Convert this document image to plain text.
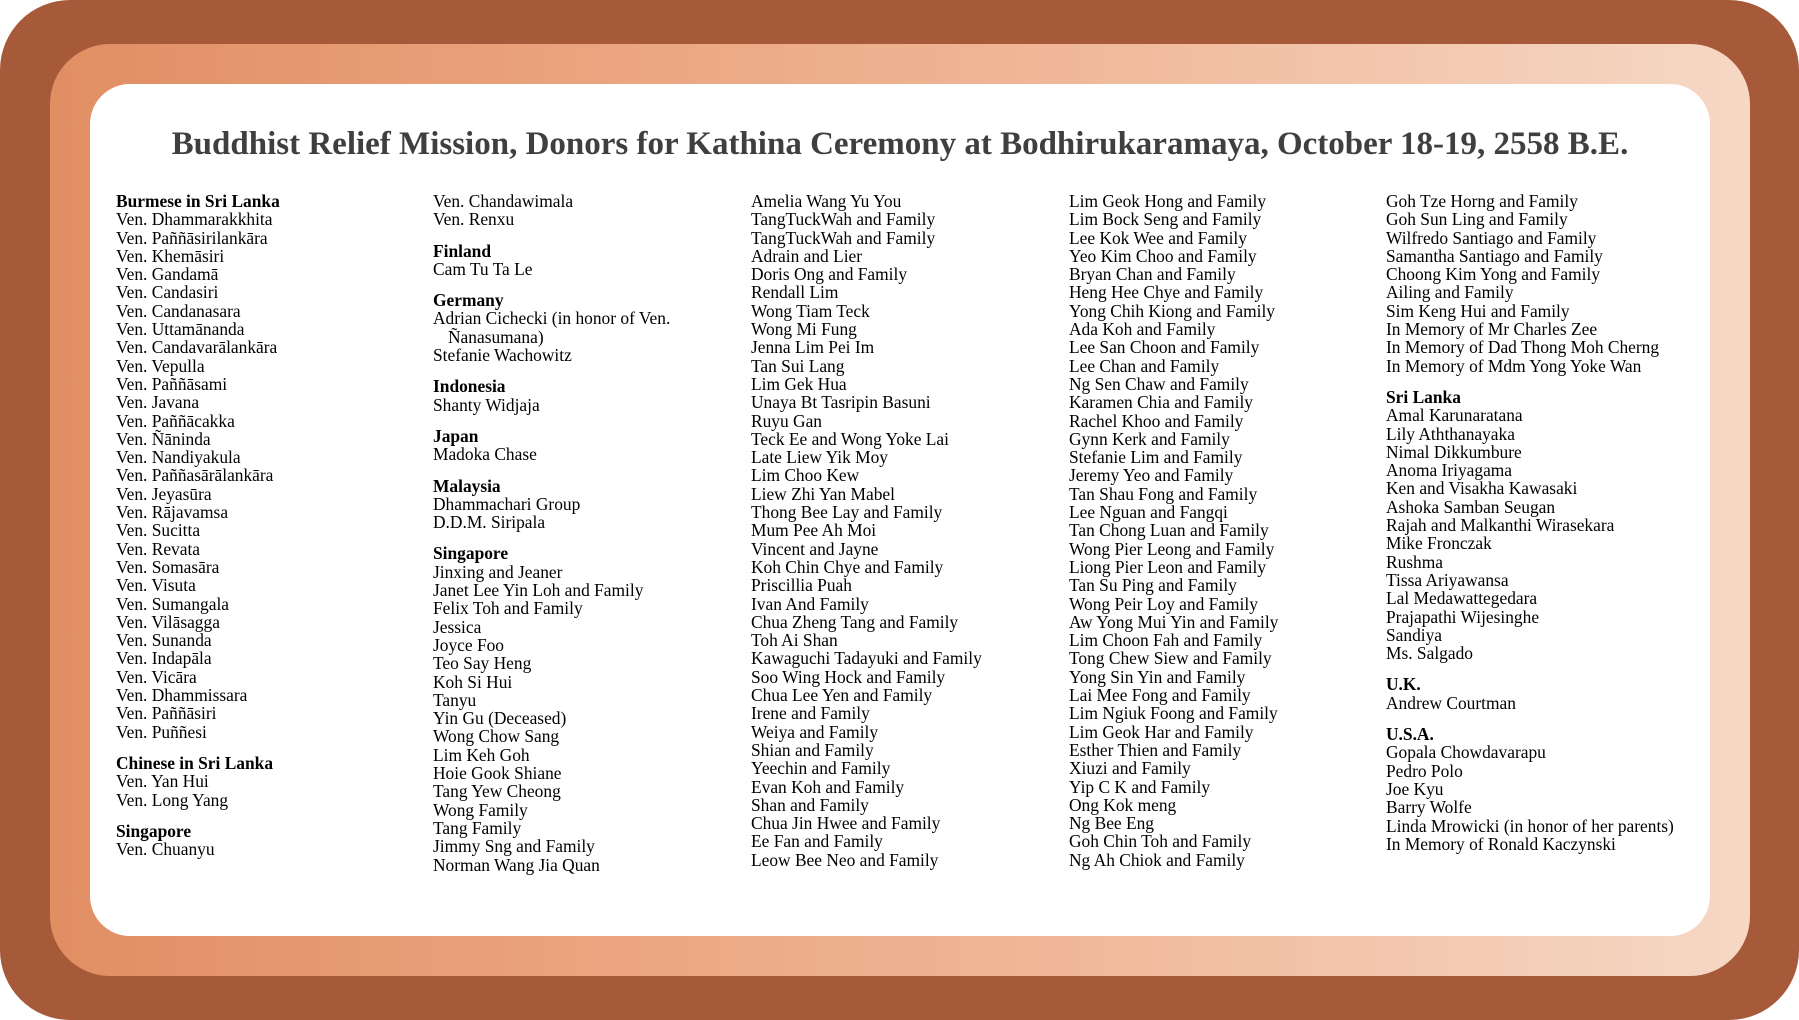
Buddhist Relief Mission, Donors for Kathina Ceremony at Bodhirukaramaya, October 18-19, 2558 B.E.
Burmese in Sri Lanka
Ven. Dhammarakkhita
Ven. Paññāsirilankāra
Ven. Khemāsiri
Ven. Gandamā
Ven. Candasiri
Ven. Candanasara
Ven. Uttamānanda
Ven. Candavarālankāra
Ven. Vepulla
Ven. Paññāsami
Ven. Javana
Ven. Paññācakka
Ven. Ñāninda
Ven. Nandiyakula
Ven. Paññasārālankāra
Ven. Jeyasūra
Ven. Rājavamsa
Ven. Sucitta
Ven. Revata
Ven. Somasāra
Ven. Visuta
Ven. Sumangala
Ven. Vilāsagga
Ven. Sunanda
Ven. Indapāla
Ven. Vicāra
Ven. Dhammissara
Ven. Paññāsiri
Ven. Puññesi
Chinese in Sri Lanka
Ven. Yan Hui
Ven. Long Yang
Singapore
Ven. Chuanyu
Ven. Chandawimala
Ven. Renxu
Finland
Cam Tu Ta Le
Germany
Adrian Cichecki (in honor of Ven.
Ñanasumana)
Stefanie Wachowitz
Indonesia
Shanty Widjaja
Japan
Madoka Chase
Malaysia
Dhammachari Group
D.D.M. Siripala
Singapore
Jinxing and Jeaner
Janet Lee Yin Loh and Family
Felix Toh and Family
Jessica
Joyce Foo
Teo Say Heng
Koh Si Hui
Tanyu
Yin Gu (Deceased)
Wong Chow Sang
Lim Keh Goh
Hoie Gook Shiane
Tang Yew Cheong
Wong Family
Tang Family
Jimmy Sng and Family
Norman Wang Jia Quan
Amelia Wang Yu You
TangTuckWah and Family
TangTuckWah and Family
Adrain and Lier
Doris Ong and Family
Rendall Lim
Wong Tiam Teck
Wong Mi Fung
Jenna Lim Pei Im
Tan Sui Lang
Lim Gek Hua
Unaya Bt Tasripin Basuni
Ruyu Gan
Teck Ee and Wong Yoke Lai
Late Liew Yik Moy
Lim Choo Kew
Liew Zhi Yan Mabel
Thong Bee Lay and Family
Mum Pee Ah Moi
Vincent and Jayne
Koh Chin Chye and Family
Priscillia Puah
Ivan And Family
Chua Zheng Tang and Family
Toh Ai Shan
Kawaguchi Tadayuki and Family
Soo Wing Hock and Family
Chua Lee Yen and Family
Irene and Family
Weiya and Family
Shian and Family
Yeechin and Family
Evan Koh and Family
Shan and Family
Chua Jin Hwee and Family
Ee Fan and Family
Leow Bee Neo and Family
Lim Geok Hong and Family
Lim Bock Seng and Family
Lee Kok Wee and Family
Yeo Kim Choo and Family
Bryan Chan and Family
Heng Hee Chye and Family
Yong Chih Kiong and Family
Ada Koh and Family
Lee San Choon and Family
Lee Chan and Family
Ng Sen Chaw and Family
Karamen Chia and Family
Rachel Khoo and Family
Gynn Kerk and Family
Stefanie Lim and Family
Jeremy Yeo and Family
Tan Shau Fong and Family
Lee Nguan and Fangqi
Tan Chong Luan and Family
Wong Pier Leong and Family
Liong Pier Leon and Family
Tan Su Ping and Family
Wong Peir Loy and Family
Aw Yong Mui Yin and Family
Lim Choon Fah and Family
Tong Chew Siew and Family
Yong Sin Yin and Family
Lai Mee Fong and Family
Lim Ngiuk Foong and Family
Lim Geok Har and Family
Esther Thien and Family
Xiuzi and Family
Yip C K and Family
Ong Kok meng
Ng Bee Eng
Goh Chin Toh and Family
Ng Ah Chiok and Family
Goh Tze Horng and Family
Goh Sun Ling and Family
Wilfredo Santiago and Family
Samantha Santiago and Family
Choong Kim Yong and Family
Ailing and Family
Sim Keng Hui and Family
In Memory of Mr Charles Zee
In Memory of Dad Thong Moh Cherng
In Memory of Mdm Yong Yoke Wan
Sri Lanka
Amal Karunaratana
Lily Aththanayaka
Nimal Dikkumbure
Anoma Iriyagama
Ken and Visakha Kawasaki
Ashoka Samban Seugan
Rajah and Malkanthi Wirasekara
Mike Fronczak
Rushma
Tissa Ariyawansa
Lal Medawattegedara
Prajapathi Wijesinghe
Sandiya
Ms. Salgado
U.K.
Andrew Courtman
U.S.A.
Gopala Chowdavarapu
Pedro Polo
Joe Kyu
Barry Wolfe
Linda Mrowicki (in honor of her parents)
In Memory of Ronald Kaczynski
